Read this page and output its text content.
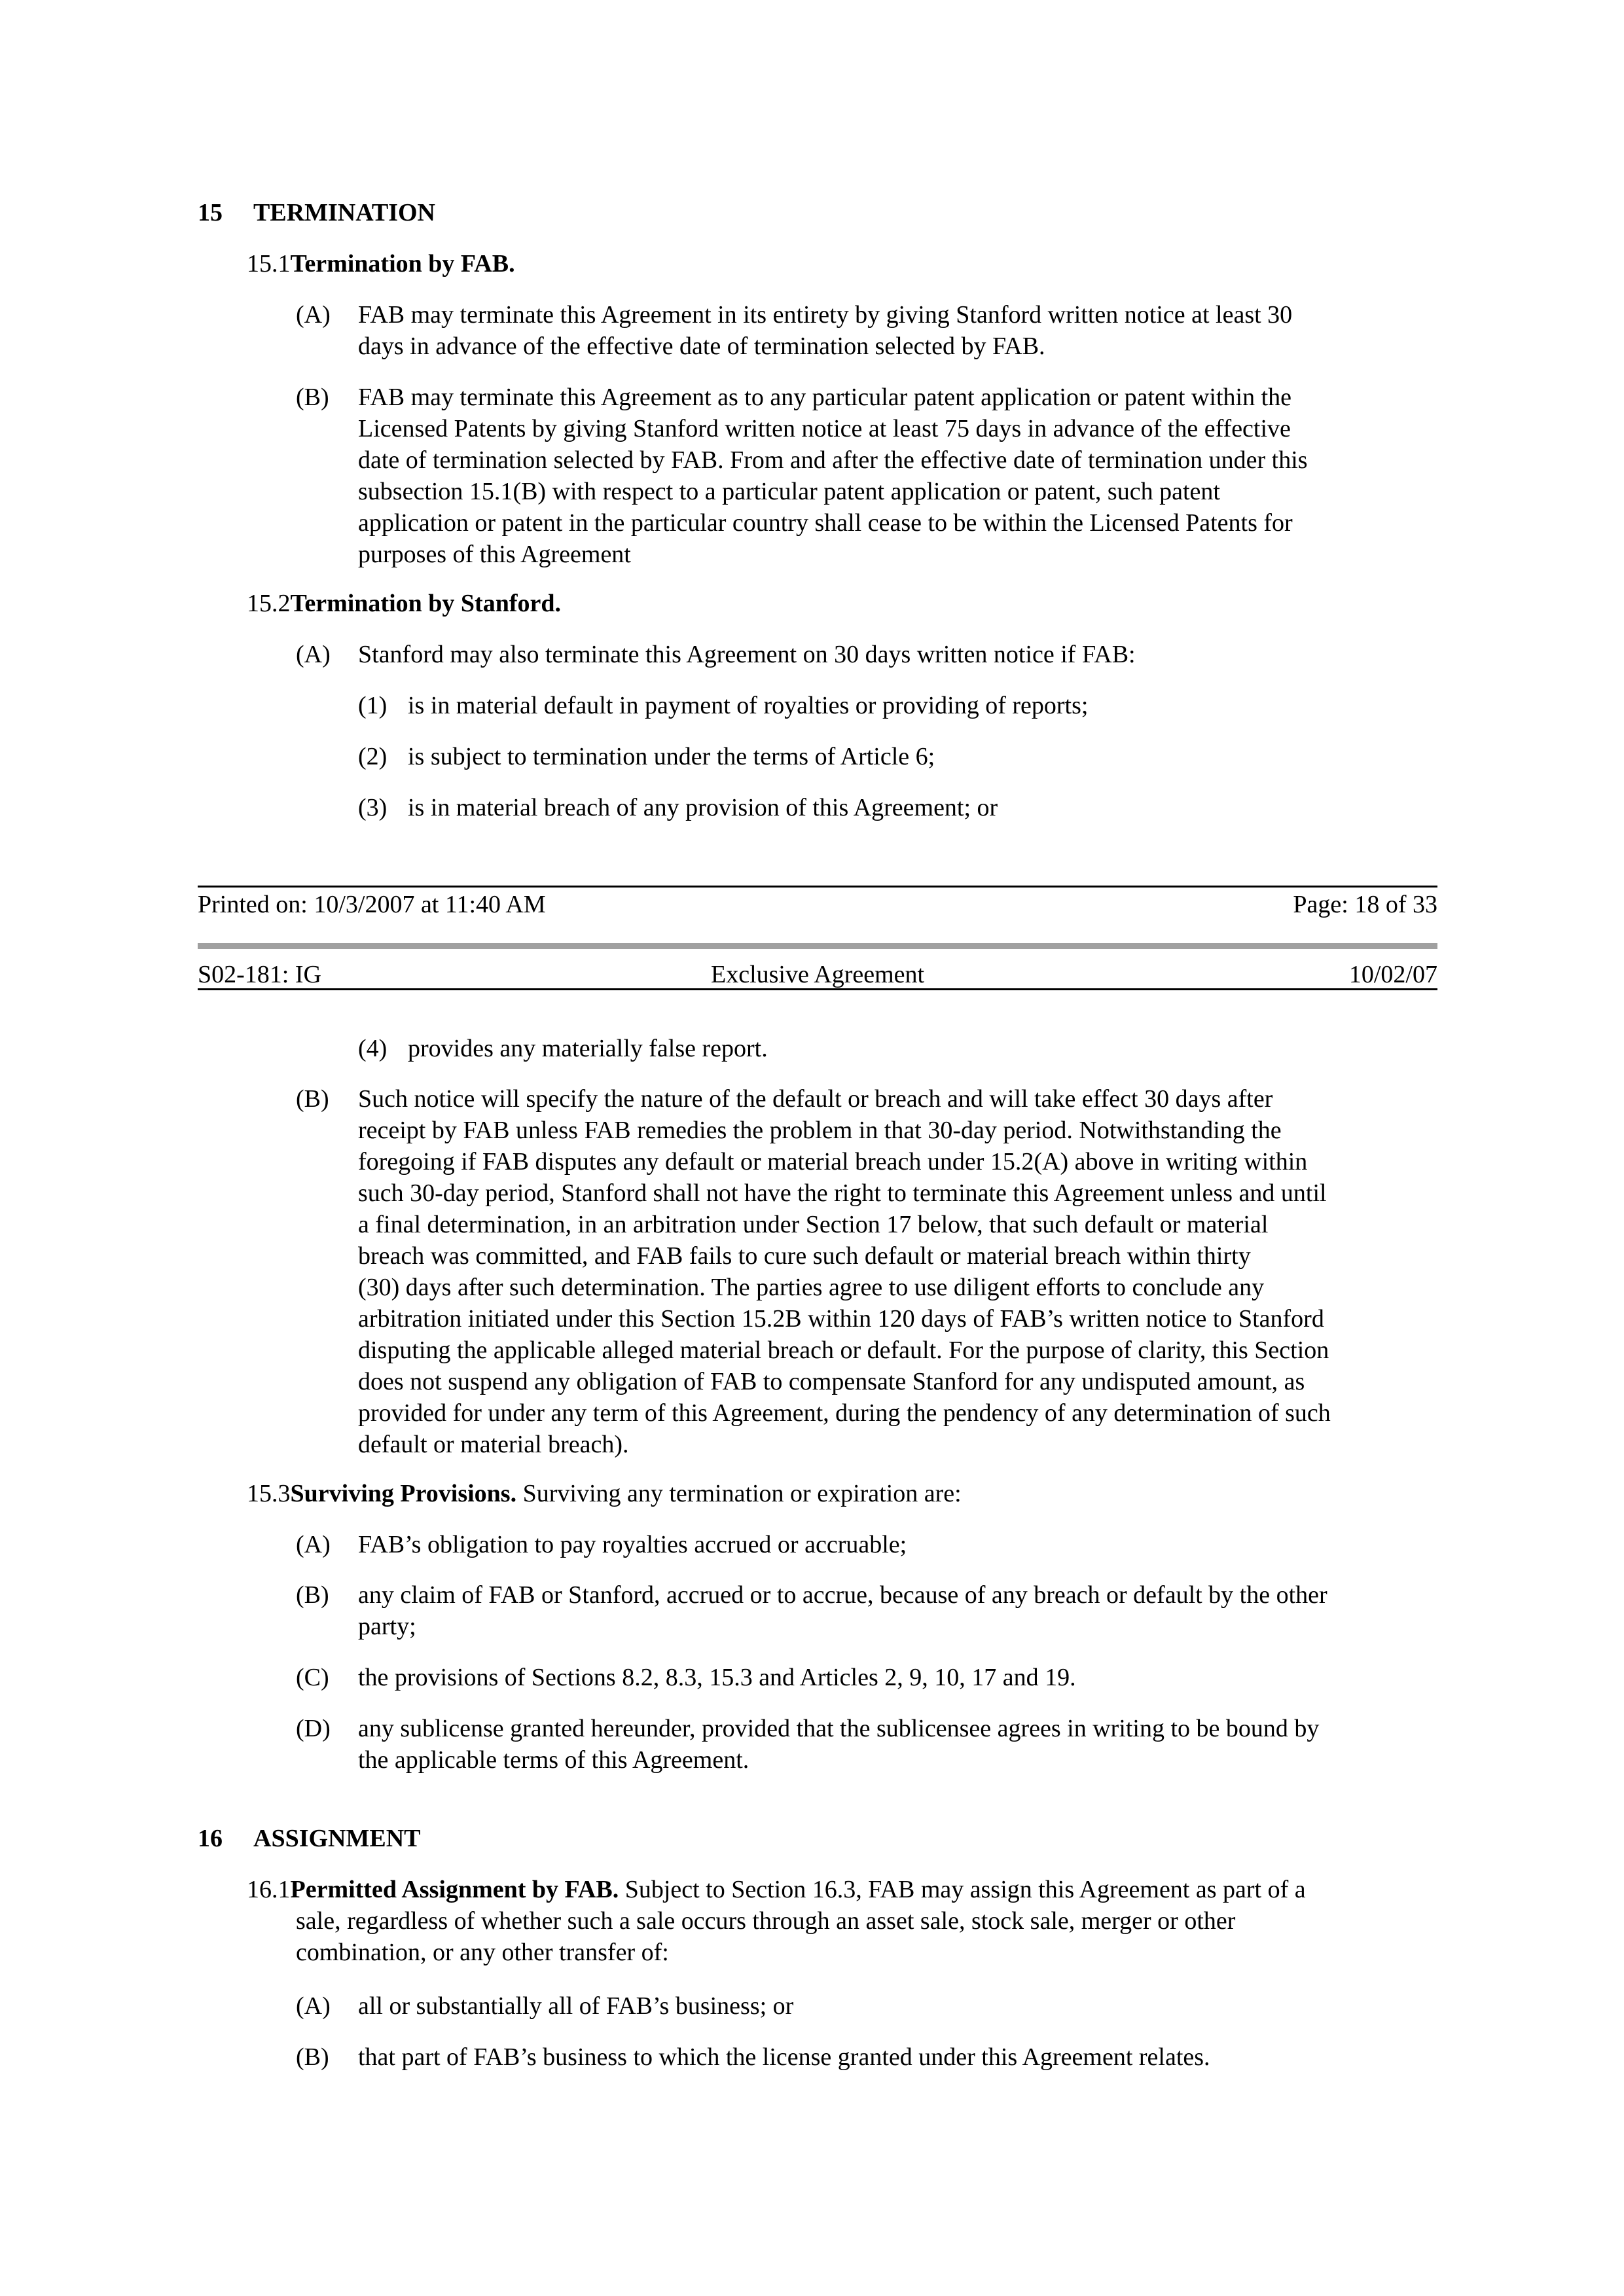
15 TERMINATION
15.1Termination by FAB.
(A) FAB may terminate this Agreement in its entirety by giving Stanford written notice at least 30
days in advance of the effective date of termination selected by FAB.
(B) FAB may terminate this Agreement as to any particular patent application or patent within the
Licensed Patents by giving Stanford written notice at least 75 days in advance of the effective
date of termination selected by FAB. From and after the effective date of termination under this
subsection 15.1(B) with respect to a particular patent application or patent, such patent
application or patent in the particular country shall cease to be within the Licensed Patents for
purposes of this Agreement
15.2Termination by Stanford.
(A) Stanford may also terminate this Agreement on 30 days written notice if FAB:
(1) is in material default in payment of royalties or providing of reports;
(2) is subject to termination under the terms of Article 6;
(3) is in material breach of any provision of this Agreement; or
Printed on: 10/3/2007 at 11:40 AM	Page: 18 of 33
S02-181: IG	Exclusive Agreement	10/02/07
(4) provides any materially false report.
(B) Such notice will specify the nature of the default or breach and will take effect 30 days after
receipt by FAB unless FAB remedies the problem in that 30-day period. Notwithstanding the
foregoing if FAB disputes any default or material breach under 15.2(A) above in writing within
such 30-day period, Stanford shall not have the right to terminate this Agreement unless and until
a final determination, in an arbitration under Section 17 below, that such default or material
breach was committed, and FAB fails to cure such default or material breach within thirty
(30) days after such determination. The parties agree to use diligent efforts to conclude any
arbitration initiated under this Section 15.2B within 120 days of FAB’s written notice to Stanford
disputing the applicable alleged material breach or default. For the purpose of clarity, this Section
does not suspend any obligation of FAB to compensate Stanford for any undisputed amount, as
provided for under any term of this Agreement, during the pendency of any determination of such
default or material breach).
15.3Surviving Provisions. Surviving any termination or expiration are:
(A) FAB’s obligation to pay royalties accrued or accruable;
(B) any claim of FAB or Stanford, accrued or to accrue, because of any breach or default by the other
party;
(C) the provisions of Sections 8.2, 8.3, 15.3 and Articles 2, 9, 10, 17 and 19.
(D) any sublicense granted hereunder, provided that the sublicensee agrees in writing to be bound by
the applicable terms of this Agreement.
16 ASSIGNMENT
16.1Permitted Assignment by FAB. Subject to Section 16.3, FAB may assign this Agreement as part of a
sale, regardless of whether such a sale occurs through an asset sale, stock sale, merger or other
combination, or any other transfer of:
(A) all or substantially all of FAB’s business; or
(B) that part of FAB’s business to which the license granted under this Agreement relates.
